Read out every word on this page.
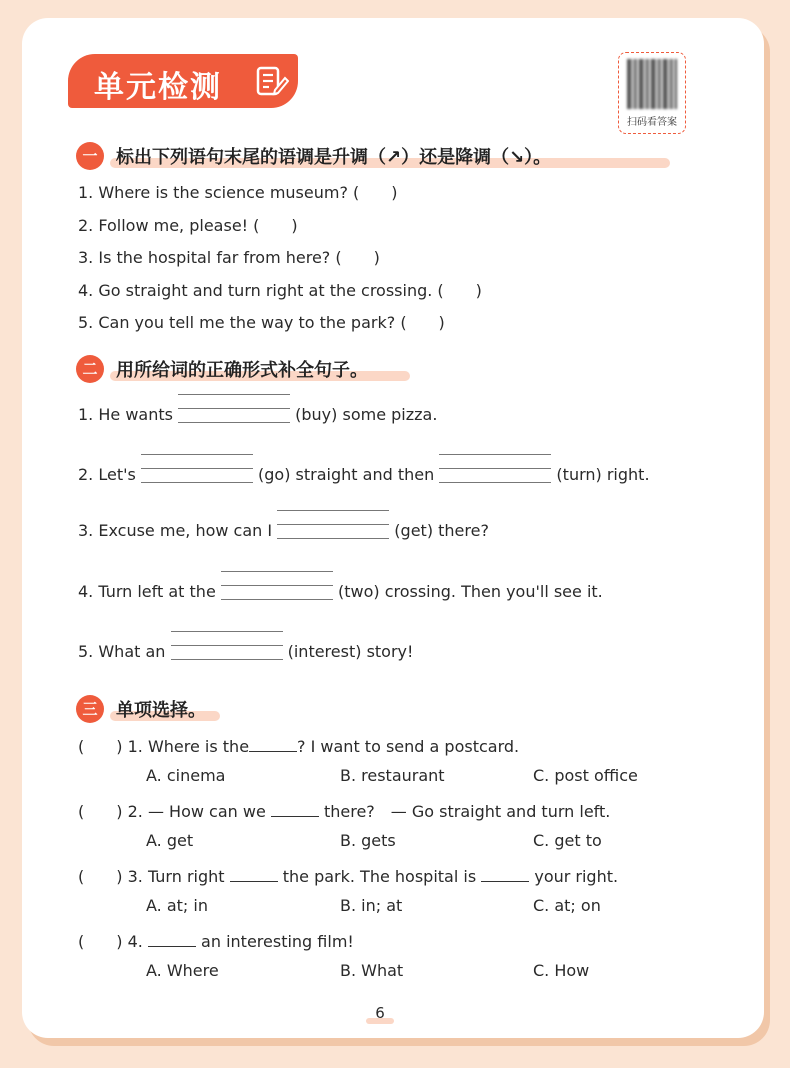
单元检测
扫码看答案
一	标出下列语句末尾的语调是升调（↗）还是降调（↘）。
1. Where is the science museum? (　　)
2. Follow me, please! (　　)
3. Is the hospital far from here? (　　)
4. Go straight and turn right at the crossing. (　　)
5. Can you tell me the way to the park? (　　)
二	用所给词的正确形式补全句子。
1. He wants	(buy) some pizza.
2. Let's	(go) straight and then	(turn) right.
3. Excuse me, how can I	(get) there?
4. Turn left at the	(two) crossing. Then you'll see it.
5. What an	(interest) story!
三	单项选择。
(　　) 1. Where is the	? I want to send a postcard.
A. cinema	B. restaurant	C. post office
(　　) 2. — How can we	there?　— Go straight and turn left.
A. get	B. gets	C. get to
(　　) 3. Turn right	the park. The hospital is	your right.
A. at; in	B. in; at	C. at; on
(　　) 4.	an interesting film!
A. Where	B. What	C. How
6
